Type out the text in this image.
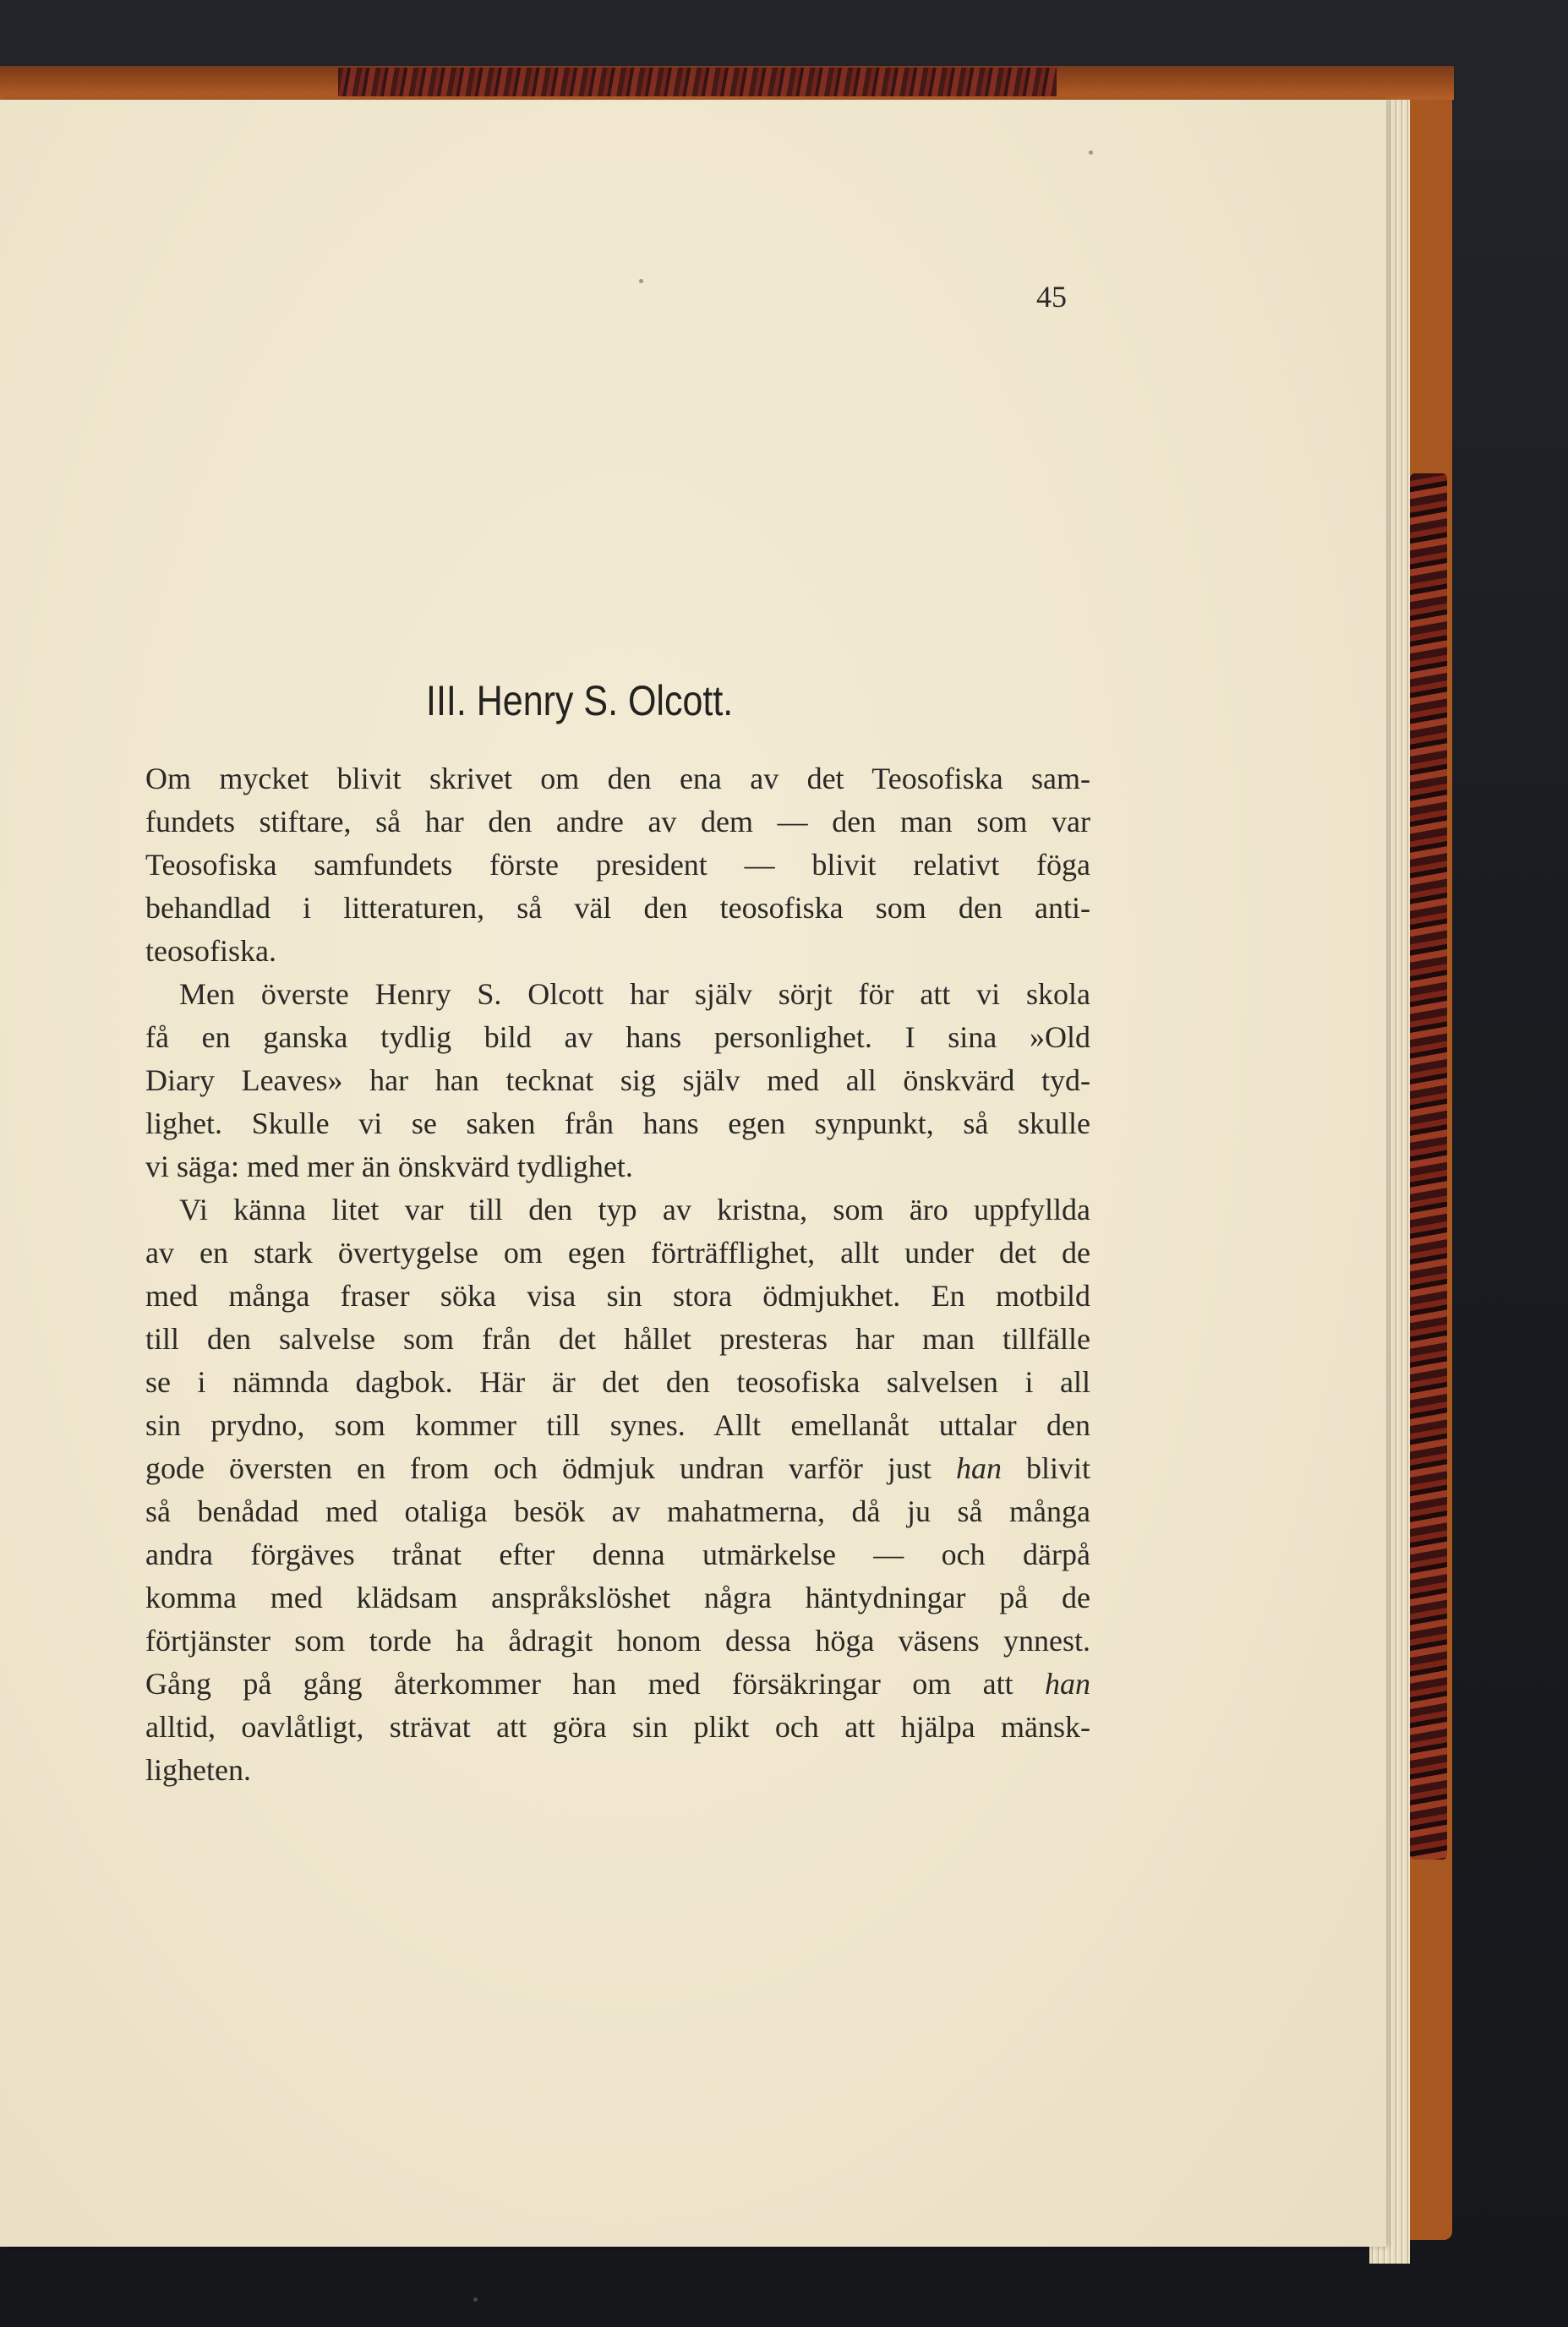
45
III. Henry S. Olcott.
Om mycket blivit skrivet om den ena av det Teosofiska sam-
fundets stiftare, så har den andre av dem — den man som var
Teosofiska samfundets förste president — blivit relativt föga
behandlad i litteraturen, så väl den teosofiska som den anti-
teosofiska.
Men överste Henry S. Olcott har själv sörjt för att vi skola
få en ganska tydlig bild av hans personlighet. I sina »Old
Diary Leaves» har han tecknat sig själv med all önskvärd tyd-
lighet. Skulle vi se saken från hans egen synpunkt, så skulle
vi säga: med mer än önskvärd tydlighet.
Vi känna litet var till den typ av kristna, som äro uppfyllda
av en stark övertygelse om egen förträfflighet, allt under det de
med många fraser söka visa sin stora ödmjukhet. En motbild
till den salvelse som från det hållet presteras har man tillfälle
se i nämnda dagbok. Här är det den teosofiska salvelsen i all
sin prydno, som kommer till synes. Allt emellanåt uttalar den
gode översten en from och ödmjuk undran varför just han blivit
så benådad med otaliga besök av mahatmerna, då ju så många
andra förgäves trånat efter denna utmärkelse — och därpå
komma med klädsam anspråkslöshet några häntydningar på de
förtjänster som torde ha ådragit honom dessa höga väsens ynnest.
Gång på gång återkommer han med försäkringar om att han
alltid, oavlåtligt, strävat att göra sin plikt och att hjälpa mänsk-
ligheten.
